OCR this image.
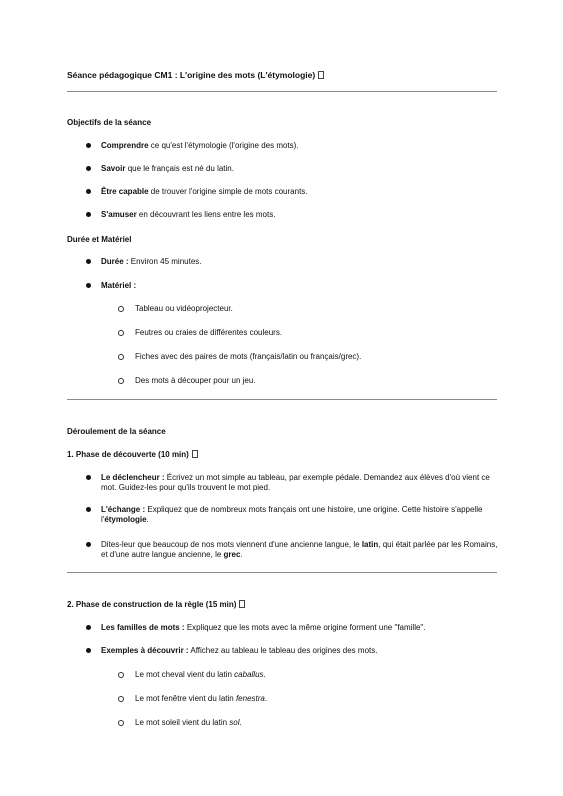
Séance pédagogique CM1 : L'origine des mots (L'étymologie)
Objectifs de la séance
Comprendre ce qu'est l'étymologie (l'origine des mots).
Savoir que le français est né du latin.
Être capable de trouver l'origine simple de mots courants.
S'amuser en découvrant les liens entre les mots.
Durée et Matériel
Durée : Environ 45 minutes.
Matériel :
Tableau ou vidéoprojecteur.
Feutres ou craies de différentes couleurs.
Fiches avec des paires de mots (français/latin ou français/grec).
Des mots à découper pour un jeu.
Déroulement de la séance
1. Phase de découverte (10 min)
Le déclencheur : Écrivez un mot simple au tableau, par exemple pédale. Demandez aux élèves d'où vient ce mot. Guidez-les pour qu'ils trouvent le mot pied.
L'échange : Expliquez que de nombreux mots français ont une histoire, une origine. Cette histoire s'appelle l'étymologie.
Dites-leur que beaucoup de nos mots viennent d'une ancienne langue, le latin, qui était parlée par les Romains, et d'une autre langue ancienne, le grec.
2. Phase de construction de la règle (15 min)
Les familles de mots : Expliquez que les mots avec la même origine forment une "famille".
Exemples à découvrir : Affichez au tableau le tableau des origines des mots.
Le mot cheval vient du latin caballus.
Le mot fenêtre vient du latin fenestra.
Le mot soleil vient du latin sol.
